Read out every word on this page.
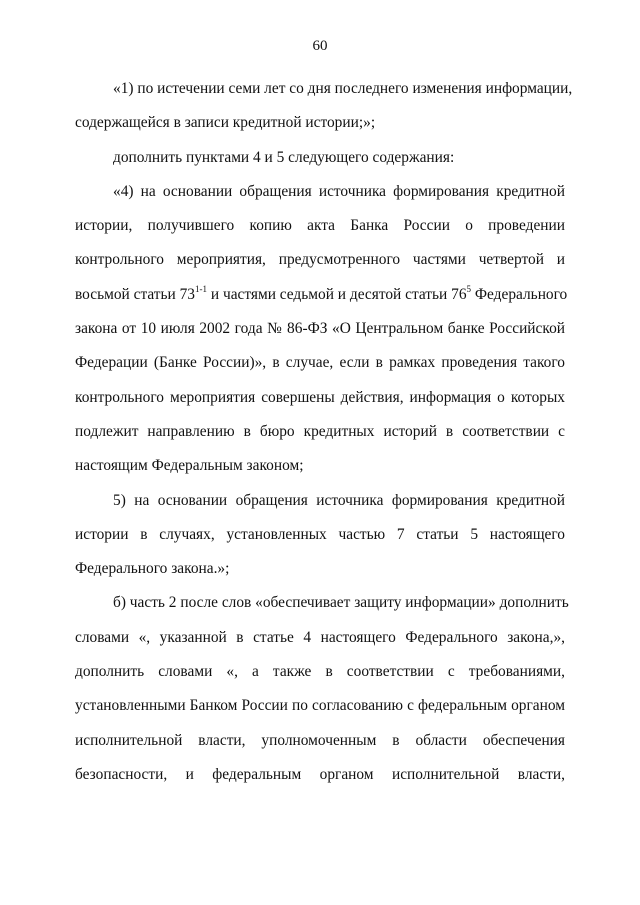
60
«1) по истечении семи лет со дня последнего изменения информации,
содержащейся в записи кредитной истории;»;
дополнить пунктами 4 и 5 следующего содержания:
«4) на основании обращения источника формирования кредитной
истории, получившего копию акта Банка России о проведении
контрольного мероприятия, предусмотренного частями четвертой и
восьмой статьи 73$^{1-1}$ и частями седьмой и десятой статьи $76^5$ Федерального
закона от 10 июля 2002 года № 86-ФЗ «О Центральном банке Российской
Федерации (Банке России)», в случае, если в рамках проведения такого
контрольного мероприятия совершены действия, информация о которых
подлежит направлению в бюро кредитных историй в соответствии с
настоящим Федеральным законом;
5) на основании обращения источника формирования кредитной
истории в случаях, установленных частью 7 статьи 5 настоящего
Федерального закона.»;
б) часть 2 после слов «обеспечивает защиту информации» дополнить
словами «, указанной в статье 4 настоящего Федерального закона,»,
дополнить словами «, а также в соответствии с требованиями,
установленными Банком России по согласованию с федеральным органом
исполнительной власти, уполномоченным в области обеспечения
безопасности, и федеральным органом исполнительной власти,
